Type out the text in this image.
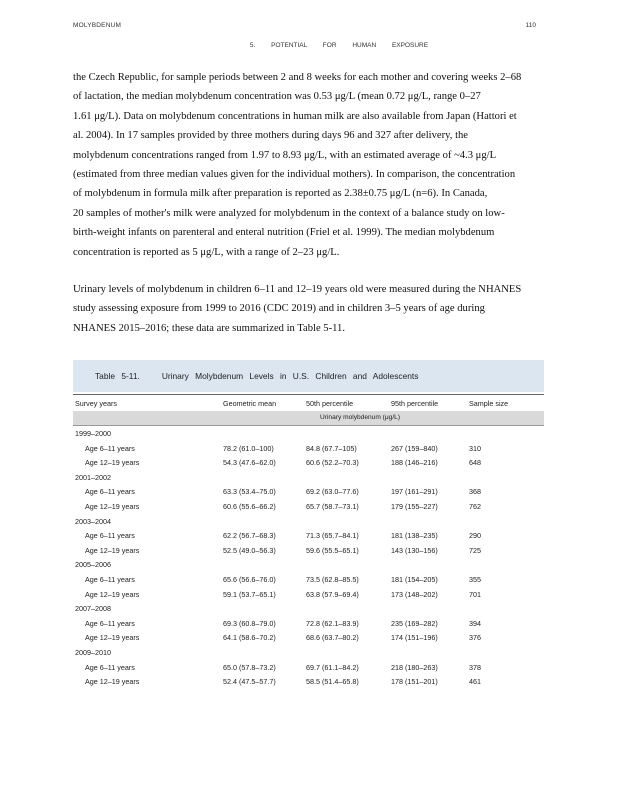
MOLYBDENUM	110
5. POTENTIAL FOR HUMAN EXPOSURE

the Czech Republic, for sample periods between 2 and 8 weeks for each mother and covering weeks 2–68

of lactation, the median molybdenum concentration was 0.53 μg/L (mean 0.72 μg/L, range 0–27

1.61 μg/L). Data on molybdenum concentrations in human milk are also available from Japan (Hattori et

al. 2004). In 17 samples provided by three mothers during days 96 and 327 after delivery, the

molybdenum concentrations ranged from 1.97 to 8.93 μg/L, with an estimated average of ~4.3 μg/L

(estimated from three median values given for the individual mothers). In comparison, the concentration

of molybdenum in formula milk after preparation is reported as 2.38±0.75 μg/L (n=6). In Canada,

20 samples of mother's milk were analyzed for molybdenum in the context of a balance study on low-

birth-weight infants on parenteral and enteral nutrition (Friel et al. 1999). The median molybdenum

concentration is reported as 5 μg/L, with a range of 2–23 μg/L.

Urinary levels of molybdenum in children 6–11 and 12–19 years old were measured during the NHANES

study assessing exposure from 1999 to 2016 (CDC 2019) and in children 3–5 years of age during

NHANES 2015–2016; these data are summarized in Table 5-11.

Table 5-11.	Urinary Molybdenum Levels in U.S. Children and Adolescents
Survey years	Geometric mean	50th percentile	95th percentile	Sample size
Urinary molybdenum (μg/L)
1999–2000
Age 6–11 years	78.2 (61.0–100)	84.8 (67.7–105)	267 (159–840)	310
Age 12–19 years	54.3 (47.6–62.0)	60.6 (52.2–70.3)	188 (146–216)	648
2001–2002
Age 6–11 years	63.3 (53.4–75.0)	69.2 (63.0–77.6)	197 (161–291)	368
Age 12–19 years	60.6 (55.6–66.2)	65.7 (58.7–73.1)	179 (155–227)	762
2003–2004
Age 6–11 years	62.2 (56.7–68.3)	71.3 (65.7–84.1)	181 (138–235)	290
Age 12–19 years	52.5 (49.0–56.3)	59.6 (55.5–65.1)	143 (130–156)	725
2005–2006
Age 6–11 years	65.6 (56.6–76.0)	73.5 (62.8–85.5)	181 (154–205)	355
Age 12–19 years	59.1 (53.7–65.1)	63.8 (57.9–69.4)	173 (148–202)	701
2007–2008
Age 6–11 years	69.3 (60.8–79.0)	72.8 (62.1–83.9)	235 (169–282)	394
Age 12–19 years	64.1 (58.6–70.2)	68.6 (63.7–80.2)	174 (151–196)	376
2009–2010
Age 6–11 years	65.0 (57.8–73.2)	69.7 (61.1–84.2)	218 (180–263)	378
Age 12–19 years	52.4 (47.5–57.7)	58.5 (51.4–65.8)	178 (151–201)	461
